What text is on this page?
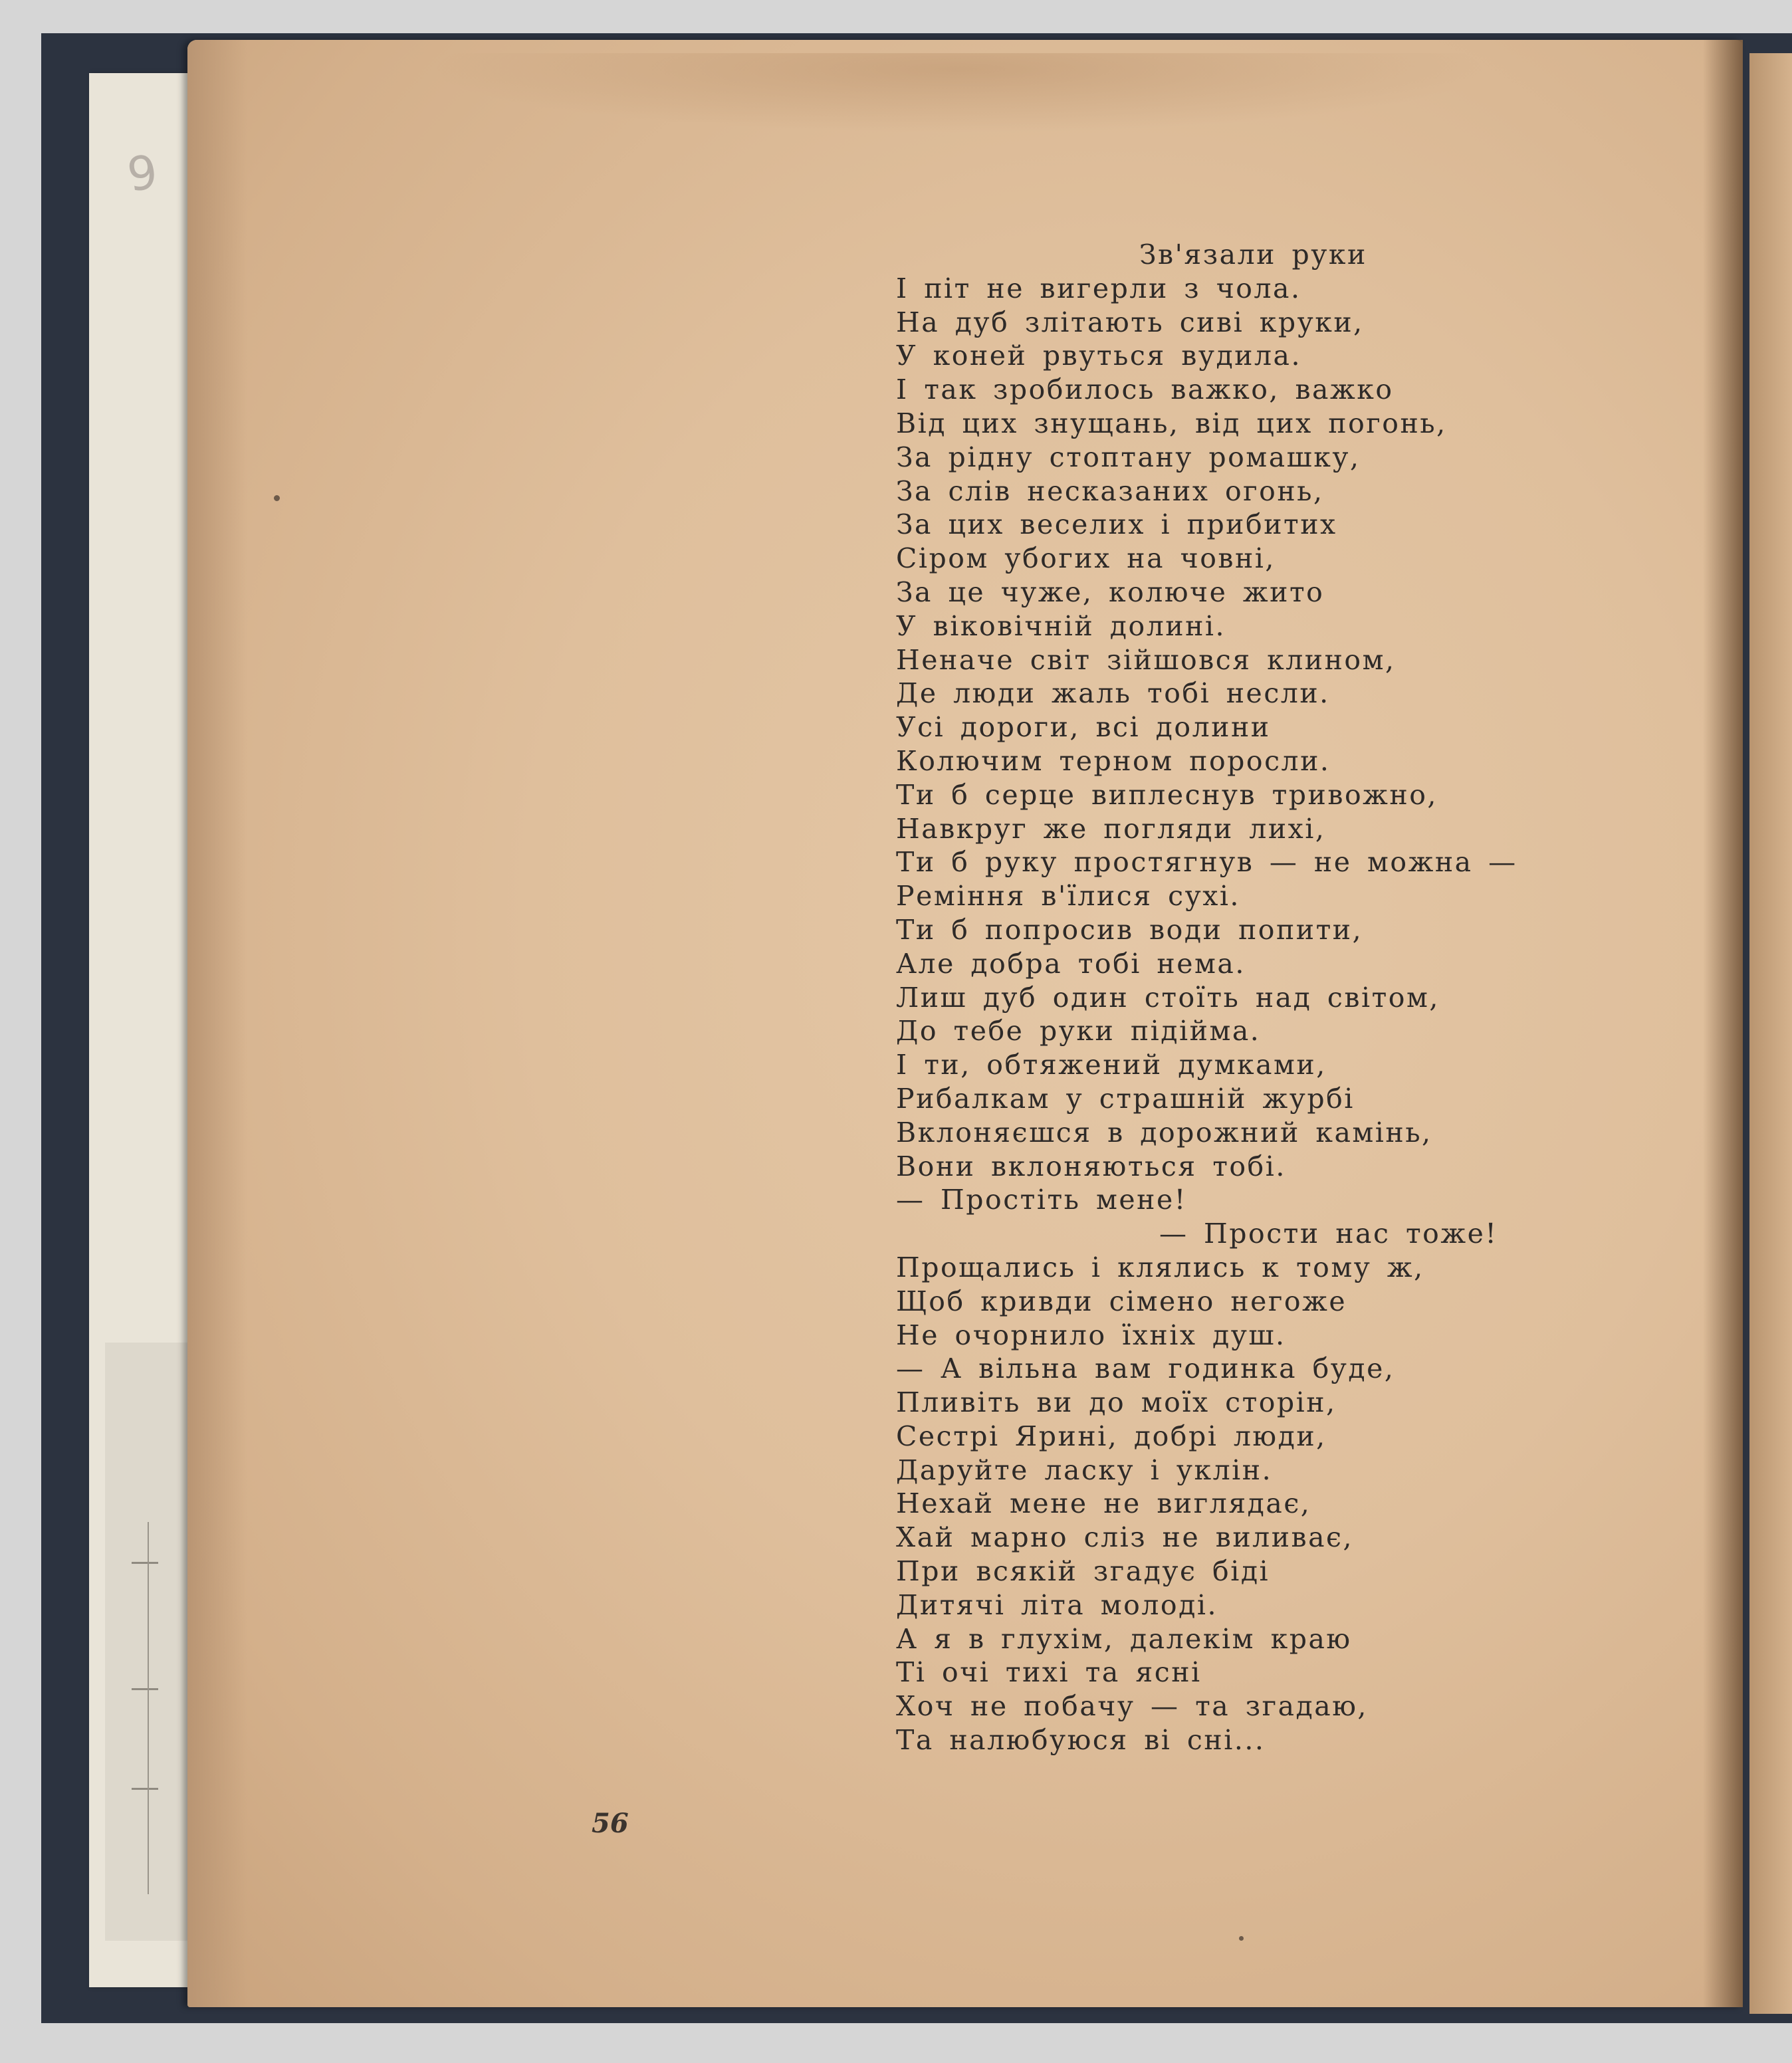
9
Зв'язали руки
І піт не вигерли з чола.
На дуб злітають сиві круки,
У коней рвуться вудила.
І так зробилось важко, важко
Від цих знущань, від цих погонь,
За рідну стоптану ромашку,
За слів несказаних огонь,
За цих веселих і прибитих
Сіром убогих на човні,
За це чуже, колюче жито
У віковічній долині.
Неначе світ зійшовся клином,
Де люди жаль тобі несли.
Усі дороги, всі долини
Колючим терном поросли.
Ти б серце виплеснув тривожно,
Навкруг же погляди лихі,
Ти б руку простягнув — не можна —
Реміння в'їлися сухі.
Ти б попросив води попити,
Але добра тобі нема.
Лиш дуб один стоїть над світом,
До тебе руки підійма.
І ти, обтяжений думками,
Рибалкам у страшній журбі
Вклоняєшся в дорожний камінь,
Вони вклоняються тобі.
— Простіть мене!
— Прости нас тоже!
Прощались і клялись к тому ж,
Щоб кривди сімено негоже
Не очорнило їхніх душ.
— А вільна вам годинка буде,
Пливіть ви до моїх сторін,
Сестрі Ярині, добрі люди,
Даруйте ласку і уклін.
Нехай мене не виглядає,
Хай марно сліз не виливає,
При всякій згадує біді
Дитячі літа молоді.
А я в глухім, далекім краю
Ті очі тихі та ясні
Хоч не побачу — та згадаю,
Та налюбуюся ві сні...
56
